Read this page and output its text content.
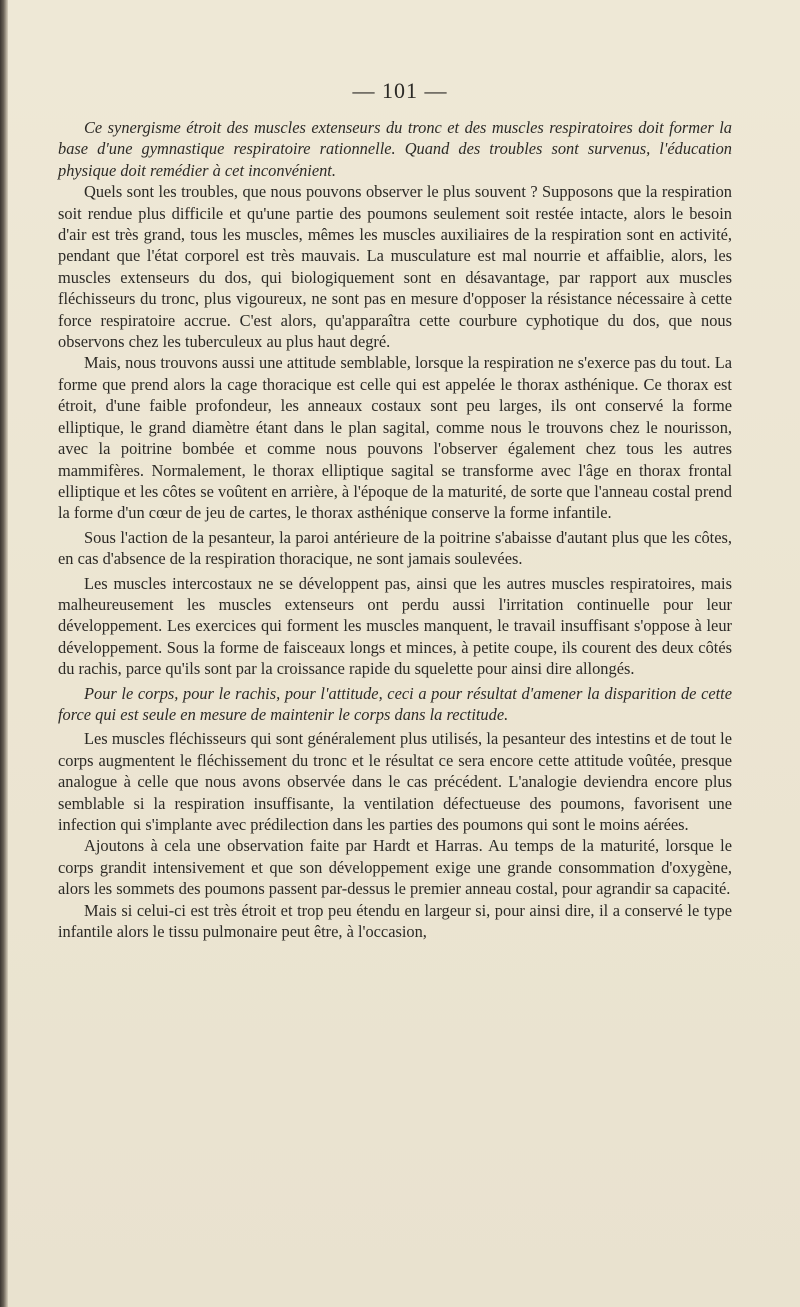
— 101 —

Ce synergisme étroit des muscles extenseurs du tronc et des muscles respiratoires doit former la base d'une gymnastique respiratoire rationnelle. Quand des troubles sont survenus, l'éducation physique doit remédier à cet inconvénient.

Quels sont les troubles, que nous pouvons observer le plus souvent ? Supposons que la respiration soit rendue plus difficile et qu'une partie des poumons seulement soit restée intacte, alors le besoin d'air est très grand, tous les muscles, mêmes les muscles auxiliaires de la respiration sont en activité, pendant que l'état corporel est très mauvais. La musculature est mal nourrie et affaiblie, alors, les muscles extenseurs du dos, qui biologiquement sont en désavantage, par rapport aux muscles fléchisseurs du tronc, plus vigoureux, ne sont pas en mesure d'opposer la résistance nécessaire à cette force respiratoire accrue. C'est alors, qu'apparaîtra cette courbure cyphotique du dos, que nous observons chez les tuberculeux au plus haut degré.

Mais, nous trouvons aussi une attitude semblable, lorsque la respiration ne s'exerce pas du tout. La forme que prend alors la cage thoracique est celle qui est appelée le thorax asthénique. Ce thorax est étroit, d'une faible profondeur, les anneaux costaux sont peu larges, ils ont conservé la forme elliptique, le grand diamètre étant dans le plan sagital, comme nous le trouvons chez le nourisson, avec la poitrine bombée et comme nous pouvons l'observer également chez tous les autres mammifères. Normalement, le thorax elliptique sagital se transforme avec l'âge en thorax frontal elliptique et les côtes se voûtent en arrière, à l'époque de la maturité, de sorte que l'anneau costal prend la forme d'un cœur de jeu de cartes, le thorax asthénique conserve la forme infantile.

Sous l'action de la pesanteur, la paroi antérieure de la poitrine s'abaisse d'autant plus que les côtes, en cas d'absence de la respiration thoracique, ne sont jamais soulevées.

Les muscles intercostaux ne se développent pas, ainsi que les autres muscles respiratoires, mais malheureusement les muscles extenseurs ont perdu aussi l'irritation continuelle pour leur développement. Les exercices qui forment les muscles manquent, le travail insuffisant s'oppose à leur développement. Sous la forme de faisceaux longs et minces, à petite coupe, ils courent des deux côtés du rachis, parce qu'ils sont par la croissance rapide du squelette pour ainsi dire allongés.

Pour le corps, pour le rachis, pour l'attitude, ceci a pour résultat d'amener la disparition de cette force qui est seule en mesure de maintenir le corps dans la rectitude.

Les muscles fléchisseurs qui sont généralement plus utilisés, la pesanteur des intestins et de tout le corps augmentent le fléchissement du tronc et le résultat ce sera encore cette attitude voûtée, presque analogue à celle que nous avons observée dans le cas précédent. L'analogie deviendra encore plus semblable si la respiration insuffisante, la ventilation défectueuse des poumons, favorisent une infection qui s'implante avec prédilection dans les parties des poumons qui sont le moins aérées.

Ajoutons à cela une observation faite par Hardt et Harras. Au temps de la maturité, lorsque le corps grandit intensivement et que son développement exige une grande consommation d'oxygène, alors les sommets des poumons passent par-dessus le premier anneau costal, pour agrandir sa capacité.

Mais si celui-ci est très étroit et trop peu étendu en largeur si, pour ainsi dire, il a conservé le type infantile alors le tissu pulmonaire peut être, à l'occasion,
